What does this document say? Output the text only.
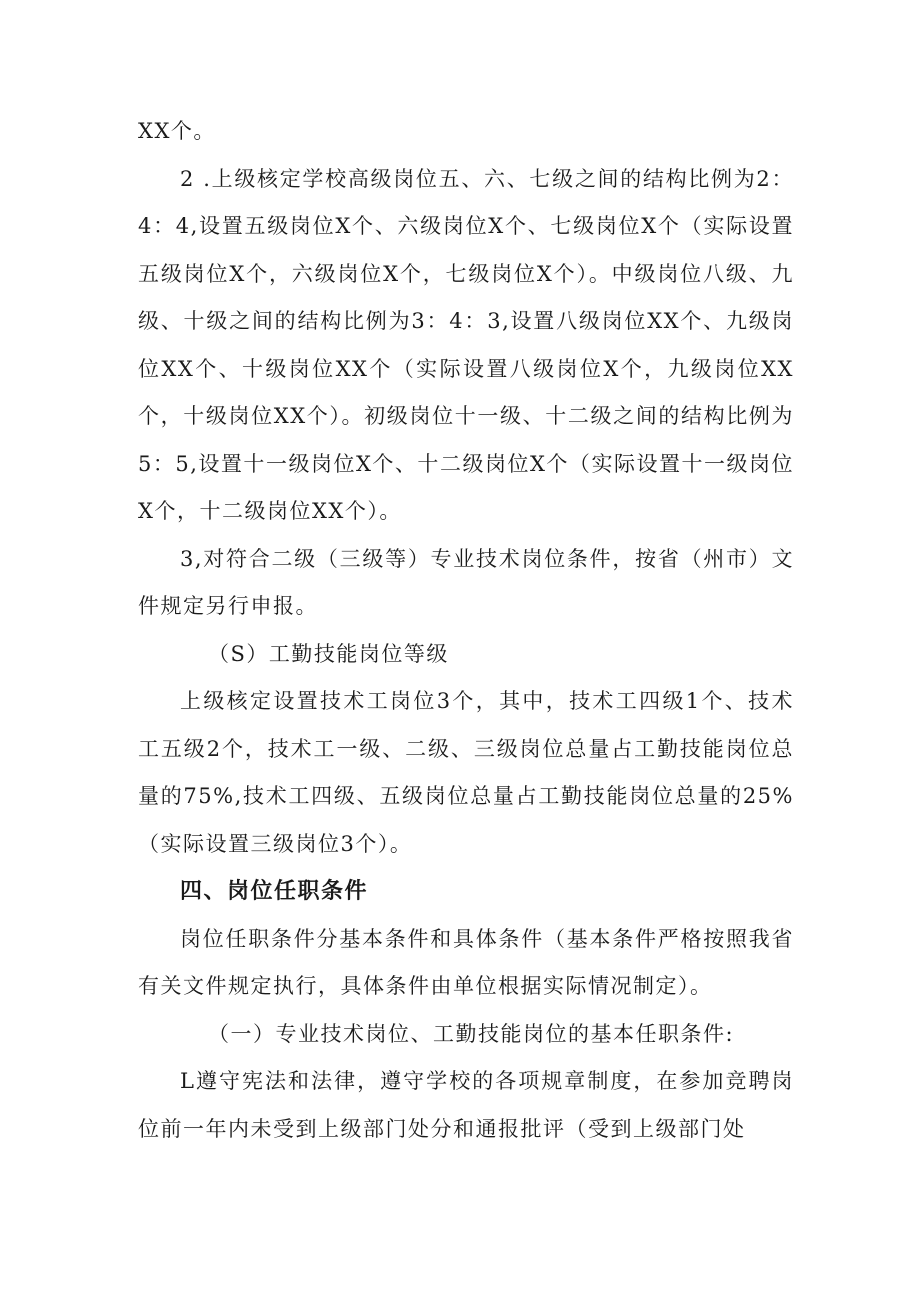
XX个。

2 .上级核定学校高级岗位五、六、七级之间的结构比例为2：4：4,设置五级岗位X个、六级岗位X个、七级岗位X个（实际设置五级岗位X个，六级岗位X个，七级岗位X个）。中级岗位八级、九级、十级之间的结构比例为3：4：3,设置八级岗位XX个、九级岗位XX个、十级岗位XX个（实际设置八级岗位X个，九级岗位XX个，十级岗位XX个）。初级岗位十一级、十二级之间的结构比例为5：5,设置十一级岗位X个、十二级岗位X个（实际设置十一级岗位X个，十二级岗位XX个）。

3,对符合二级（三级等）专业技术岗位条件，按省（州市）文件规定另行申报。

（S）工勤技能岗位等级

上级核定设置技术工岗位3个，其中，技术工四级1个、技术工五级2个，技术工一级、二级、三级岗位总量占工勤技能岗位总量的75%,技术工四级、五级岗位总量占工勤技能岗位总量的25%（实际设置三级岗位3个）。

四、岗位任职条件

岗位任职条件分基本条件和具体条件（基本条件严格按照我省有关文件规定执行，具体条件由单位根据实际情况制定）。

（一）专业技术岗位、工勤技能岗位的基本任职条件:

L遵守宪法和法律，遵守学校的各项规章制度，在参加竞聘岗位前一年内未受到上级部门处分和通报批评（受到上级部门处
